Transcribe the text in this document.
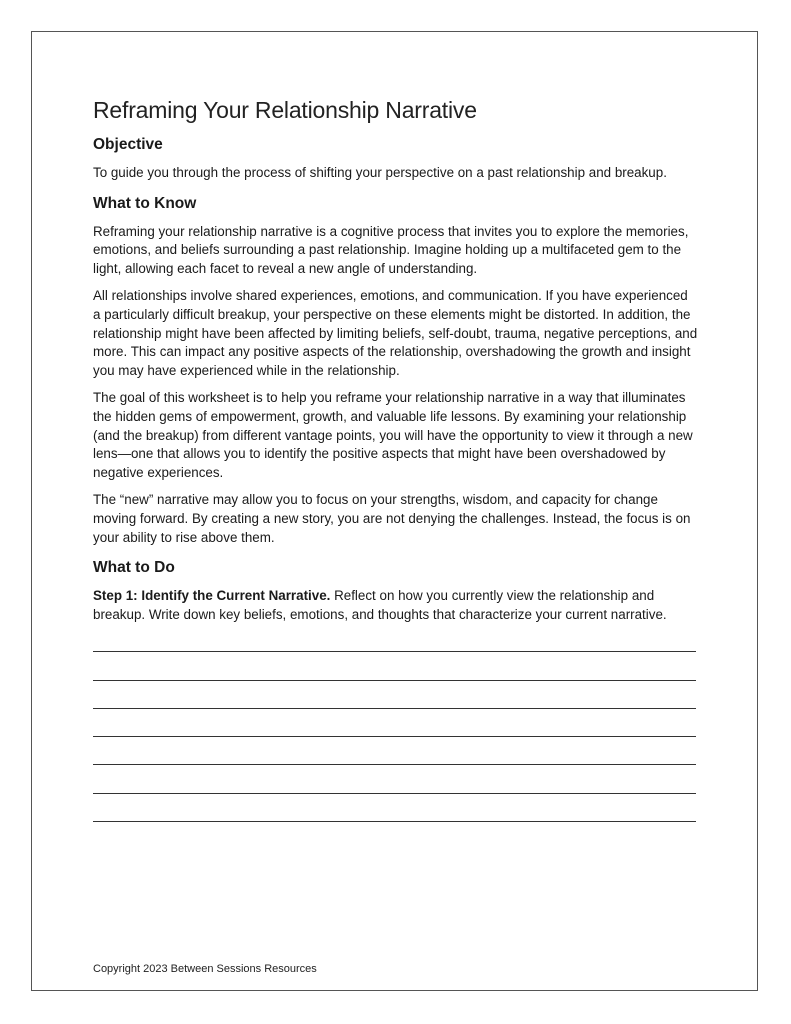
Reframing Your Relationship Narrative
Objective

To guide you through the process of shifting your perspective on a past relationship and breakup.

What to Know

Reframing your relationship narrative is a cognitive process that invites you to explore the memories, emotions, and beliefs surrounding a past relationship. Imagine holding up a multifaceted gem to the light, allowing each facet to reveal a new angle of understanding.

All relationships involve shared experiences, emotions, and communication. If you have experienced a particularly difficult breakup, your perspective on these elements might be distorted. In addition, the relationship might have been affected by limiting beliefs, self-doubt, trauma, negative perceptions, and more. This can impact any positive aspects of the relationship, overshadowing the growth and insight you may have experienced while in the relationship.

The goal of this worksheet is to help you reframe your relationship narrative in a way that illuminates the hidden gems of empowerment, growth, and valuable life lessons. By examining your relationship (and the breakup) from different vantage points, you will have the opportunity to view it through a new lens—one that allows you to identify the positive aspects that might have been overshadowed by negative experiences.

The “new” narrative may allow you to focus on your strengths, wisdom, and capacity for change moving forward. By creating a new story, you are not denying the challenges. Instead, the focus is on your ability to rise above them.

What to Do

Step 1: Identify the Current Narrative. Reflect on how you currently view the relationship and breakup. Write down key beliefs, emotions, and thoughts that characterize your current narrative.

Copyright 2023 Between Sessions Resources
